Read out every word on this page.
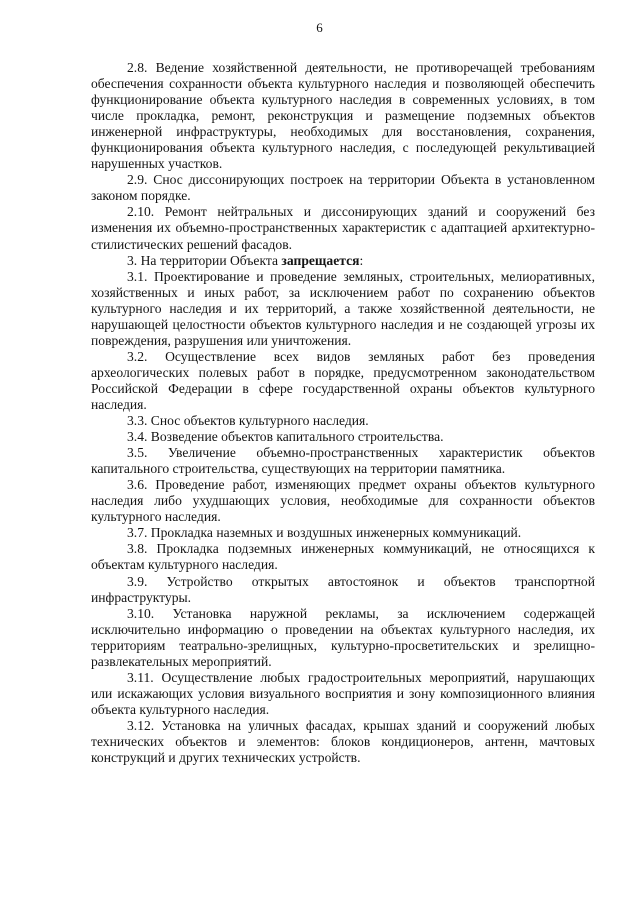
6

2.8. Ведение хозяйственной деятельности, не противоречащей требованиям обеспечения сохранности объекта культурного наследия и позволяющей обеспечить функционирование объекта культурного наследия в современных условиях, в том числе прокладка, ремонт, реконструкция и размещение подземных объектов инженерной инфраструктуры, необходимых для восстановления, сохранения, функционирования объекта культурного наследия, с последующей рекультивацией нарушенных участков.

2.9. Снос диссонирующих построек на территории Объекта в установленном законом порядке.

2.10. Ремонт нейтральных и диссонирующих зданий и сооружений без изменения их объемно-пространственных характеристик с адаптацией архитектурно-стилистических решений фасадов.

3. На территории Объекта запрещается:

3.1. Проектирование и проведение земляных, строительных, мелиоративных, хозяйственных и иных работ, за исключением работ по сохранению объектов культурного наследия и их территорий, а также хозяйственной деятельности, не нарушающей целостности объектов культурного наследия и не создающей угрозы их повреждения, разрушения или уничтожения.

3.2. Осуществление всех видов земляных работ без проведения археологических полевых работ в порядке, предусмотренном законодательством Российской Федерации в сфере государственной охраны объектов культурного наследия.

3.3. Снос объектов культурного наследия.

3.4. Возведение объектов капитального строительства.

3.5. Увеличение объемно-пространственных характеристик объектов капитального строительства, существующих на территории памятника.

3.6. Проведение работ, изменяющих предмет охраны объектов культурного наследия либо ухудшающих условия, необходимые для сохранности объектов культурного наследия.

3.7. Прокладка наземных и воздушных инженерных коммуникаций.

3.8. Прокладка подземных инженерных коммуникаций, не относящихся к объектам культурного наследия.

3.9. Устройство открытых автостоянок и объектов транспортной инфраструктуры.

3.10. Установка наружной рекламы, за исключением содержащей исключительно информацию о проведении на объектах культурного наследия, их территориям театрально-зрелищных, культурно-просветительских и зрелищно-развлекательных мероприятий.

3.11. Осуществление любых градостроительных мероприятий, нарушающих или искажающих условия визуального восприятия и зону композиционного влияния объекта культурного наследия.

3.12. Установка на уличных фасадах, крышах зданий и сооружений любых технических объектов и элементов: блоков кондиционеров, антенн, мачтовых конструкций и других технических устройств.
